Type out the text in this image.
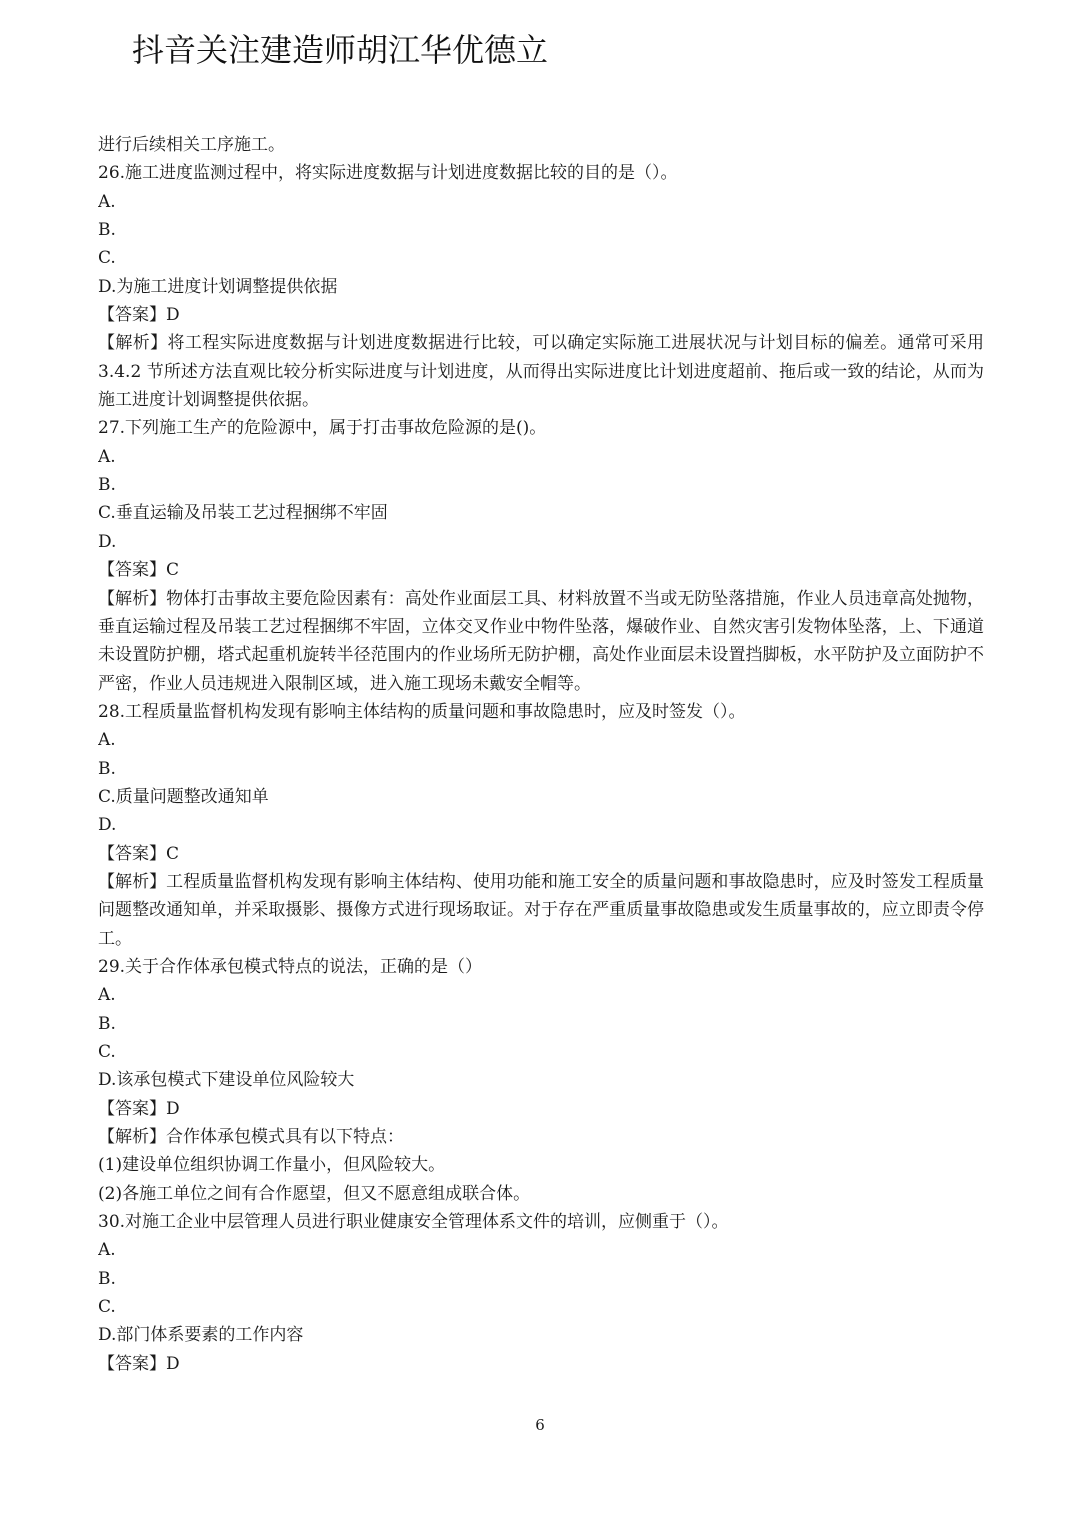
抖音关注建造师胡江华优德立
进行后续相关工序施工。
26.施工进度监测过程中，将实际进度数据与计划进度数据比较的目的是（）。
A.
B.
C.
D.为施工进度计划调整提供依据
【答案】D
【解析】将工程实际进度数据与计划进度数据进行比较，可以确定实际施工进展状况与计划目标的偏差。通常可采用 3.4.2 节所述方法直观比较分析实际进度与计划进度，从而得出实际进度比计划进度超前、拖后或一致的结论，从而为施工进度计划调整提供依据。
27.下列施工生产的危险源中，属于打击事故危险源的是()。
A.
B.
C.垂直运输及吊装工艺过程捆绑不牢固
D.
【答案】C
【解析】物体打击事故主要危险因素有：高处作业面层工具、材料放置不当或无防坠落措施，作业人员违章高处抛物，垂直运输过程及吊装工艺过程捆绑不牢固，立体交叉作业中物件坠落，爆破作业、自然灾害引发物体坠落，上、下通道未设置防护棚，塔式起重机旋转半径范围内的作业场所无防护棚，高处作业面层未设置挡脚板，水平防护及立面防护不严密，作业人员违规进入限制区域，进入施工现场未戴安全帽等。
28.工程质量监督机构发现有影响主体结构的质量问题和事故隐患时，应及时签发（）。
A.
B.
C.质量问题整改通知单
D.
【答案】C
【解析】工程质量监督机构发现有影响主体结构、使用功能和施工安全的质量问题和事故隐患时，应及时签发工程质量问题整改通知单，并采取摄影、摄像方式进行现场取证。对于存在严重质量事故隐患或发生质量事故的，应立即责令停工。
29.关于合作体承包模式特点的说法，正确的是（）
A.
B.
C.
D.该承包模式下建设单位风险较大
【答案】D
【解析】合作体承包模式具有以下特点：
(1)建设单位组织协调工作量小，但风险较大。
(2)各施工单位之间有合作愿望，但又不愿意组成联合体。
30.对施工企业中层管理人员进行职业健康安全管理体系文件的培训，应侧重于（）。
A.
B.
C.
D.部门体系要素的工作内容
【答案】D
6
